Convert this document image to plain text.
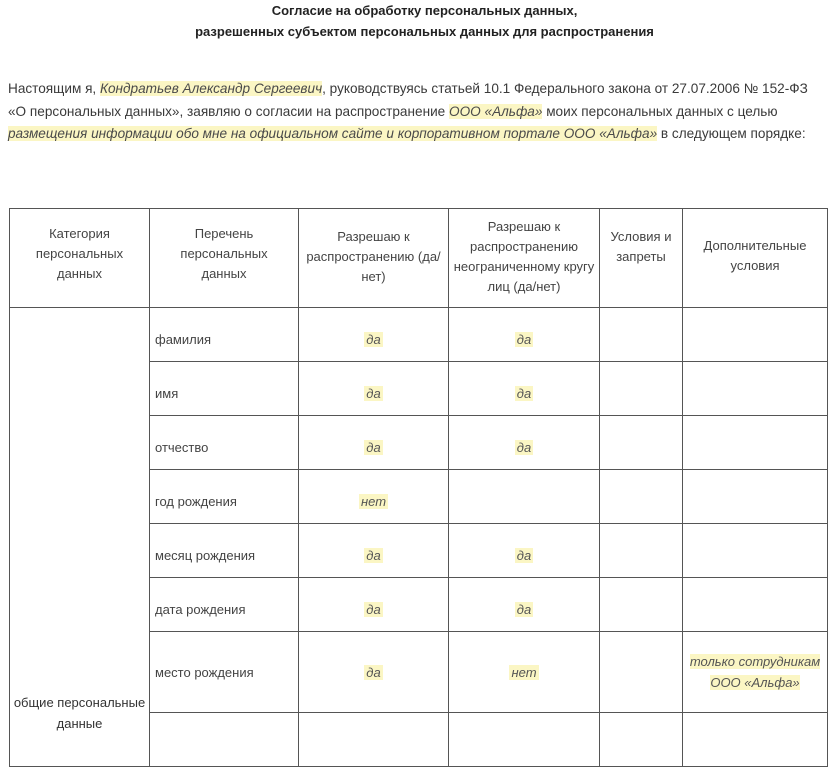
Согласие на обработку персональных данных,
разрешенных субъектом персональных данных для распространения
Настоящим я, Кондратьев Александр Сергеевич, руководствуясь статьей 10.1 Федерального закона от 27.07.2006 № 152-ФЗ «О персональных данных», заявляю о согласии на распространение ООО «Альфа» моих персональных данных с целью размещения информации обо мне на официальном сайте и корпоративном портале ООО «Альфа» в следующем порядке:
Категория персональных данных	Перечень персональных данных	Разрешаю к распространению (да/нет)	Разрешаю к распространению неограниченному кругу лиц (да/нет)	Условия и запреты	Дополнительные условия

общие персональные данные	фамилия	да	да		
	имя	да	да		
	отчество	да	да		
	год рождения	нет			
	месяц рождения	да	да		
	дата рождения	да	да		
	место рождения	да	нет		только сотрудникам ООО «Альфа»
